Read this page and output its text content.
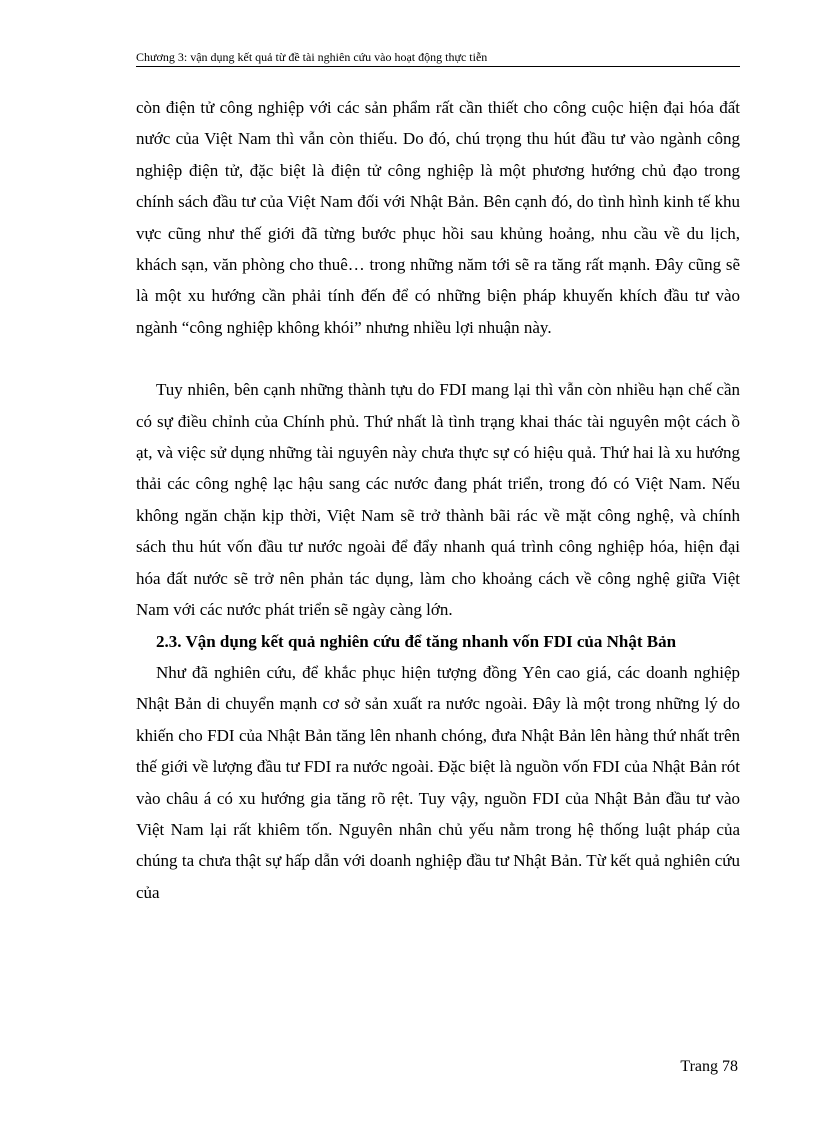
Chương 3: vận dụng kết quả từ đề tài nghiên cứu vào hoạt động thực tiễn

còn điện tử công nghiệp với các sản phẩm rất cần thiết cho công cuộc hiện đại hóa đất nước của Việt Nam thì vẫn còn thiếu. Do đó, chú trọng thu hút đầu tư vào ngành công nghiệp điện tử, đặc biệt là điện tử công nghiệp là một phương hướng chủ đạo trong chính sách đầu tư của Việt Nam đối với Nhật Bản. Bên cạnh đó, do tình hình kinh tế khu vực cũng như thế giới đã từng bước phục hồi sau khủng hoảng, nhu cầu về du lịch, khách sạn, văn phòng cho thuê… trong những năm tới sẽ ra tăng rất mạnh. Đây cũng sẽ là một xu hướng cần phải tính đến để có những biện pháp khuyến khích đầu tư vào ngành “công nghiệp không khói” nhưng nhiều lợi nhuận này.

Tuy nhiên, bên cạnh những thành tựu do FDI mang lại thì vẫn còn nhiều hạn chế cần có sự điều chỉnh của Chính phủ. Thứ nhất là tình trạng khai thác tài nguyên một cách ồ ạt, và việc sử dụng những tài nguyên này chưa thực sự có hiệu quả. Thứ hai là xu hướng thải các công nghệ lạc hậu sang các nước đang phát triển, trong đó có Việt Nam. Nếu không ngăn chặn kịp thời, Việt Nam sẽ trở thành bãi rác về mặt công nghệ, và chính sách thu hút vốn đầu tư nước ngoài để đẩy nhanh quá trình công nghiệp hóa, hiện đại hóa đất nước sẽ trở nên phản tác dụng, làm cho khoảng cách về công nghệ giữa Việt Nam với các nước phát triển sẽ ngày càng lớn.

2.3. Vận dụng kết quả nghiên cứu để tăng nhanh vốn FDI của Nhật Bản

Như đã nghiên cứu, để khắc phục hiện tượng đồng Yên cao giá, các doanh nghiệp Nhật Bản di chuyển mạnh cơ sở sản xuất ra nước ngoài. Đây là một trong những lý do khiến cho FDI của Nhật Bản tăng lên nhanh chóng, đưa Nhật Bản lên hàng thứ nhất trên thế giới về lượng đầu tư FDI ra nước ngoài. Đặc biệt là nguồn vốn FDI của Nhật Bản rót vào châu á có xu hướng gia tăng rõ rệt. Tuy vậy, nguồn FDI của Nhật Bản đầu tư vào Việt Nam lại rất khiêm tốn. Nguyên nhân chủ yếu nằm trong hệ thống luật pháp của chúng ta chưa thật sự hấp dẫn với doanh nghiệp đầu tư Nhật Bản. Từ kết quả nghiên cứu của

Trang 78
